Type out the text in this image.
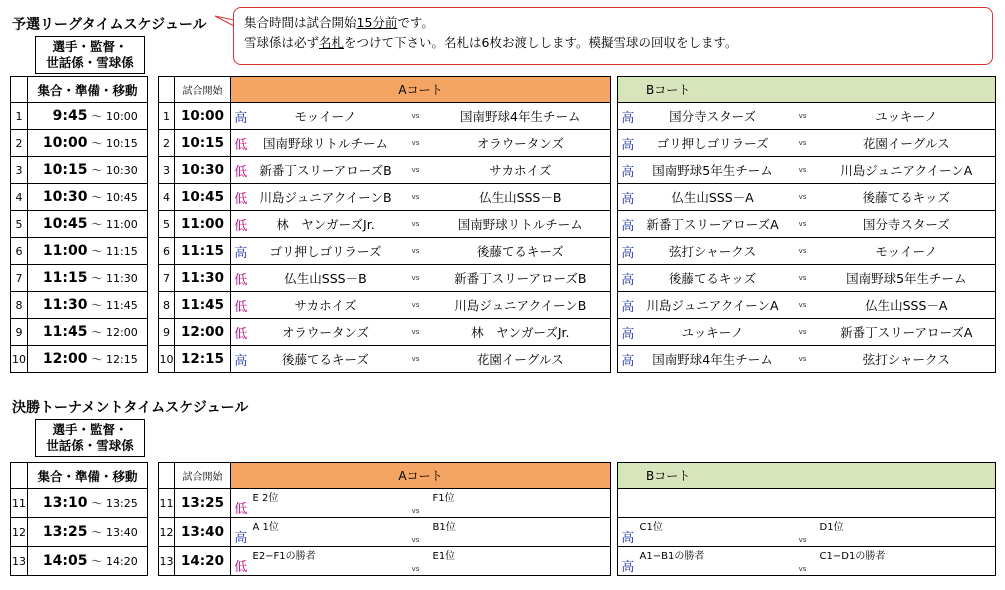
予選リーグタイムスケジュール	集合時間は試合開始15分前です。
雪球係は必ず名札をつけて下さい。名札は6枚お渡しします。模擬雪球の回収をします。
選手・監督・
世話係・雪球係
	集合・準備・移動	
1	9:45	～ 10:00
2	10:00	～ 10:15
3	10:15	～ 10:30
4	10:30	～ 10:45
5	10:45	～ 11:00
6	11:00	～ 11:15
7	11:15	～ 11:30
8	11:30	～ 11:45
9	11:45	～ 12:00
10	12:00	～ 12:15
	試合開始	Aコート					Bコート			
1	10:00	高	モッイーノ	vs	国南野球4年生チーム		高	国分寺スターズ	vs	ユッキーノ
2	10:15	低	国南野球リトルチーム	vs	オラウータンズ		高	ゴリ押しゴリラーズ	vs	花園イーグルス
3	10:30	低	新番丁スリーアローズB	vs	サカホイズ		高	国南野球5年生チーム	vs	川島ジュニアクイーンA
4	10:45	低	川島ジュニアクイーンB	vs	仏生山SSS－B		高	仏生山SSS－A	vs	後藤てるキッズ
5	11:00	低	林　ヤンガーズJr.	vs	国南野球リトルチーム		高	新番丁スリーアローズA	vs	国分寺スターズ
6	11:15	高	ゴリ押しゴリラーズ	vs	後藤てるキーズ		高	弦打シャークス	vs	モッイーノ
7	11:30	低	仏生山SSS－B	vs	新番丁スリーアローズB		高	後藤てるキッズ	vs	国南野球5年生チーム
8	11:45	低	サカホイズ	vs	川島ジュニアクイーンB		高	川島ジュニアクイーンA	vs	仏生山SSS－A
9	12:00	低	オラウータンズ	vs	林　ヤンガーズJr.		高	ユッキーノ	vs	新番丁スリーアローズA
10	12:15	高	後藤てるキーズ	vs	花園イーグルス		高	国南野球4年生チーム	vs	弦打シャークス
決勝トーナメントタイムスケジュール
選手・監督・
世話係・雪球係
	集合・準備・移動	
11	13:10	～ 13:25
12	13:25	～ 13:40
13	14:05	～ 14:20
	試合開始	Aコート					Bコート			
11	13:25	低	E 2位	vs	F1位					
12	13:40	高	A 1位	vs	B1位		高	C1位	vs	D1位
13	14:20	低	E2−F1の勝者	vs	E1位		高	A1−B1の勝者	vs	C1−D1の勝者
